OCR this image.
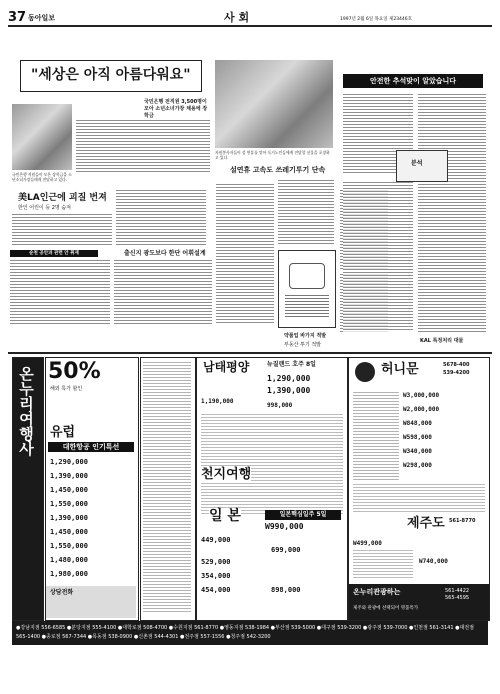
37 동아일보	사 회	1997년 2월 6일 목요일 제23446호
"세상은 아직 아름다워요"
국민은행 전직원 3,500명이 모아 소년소녀가장 채용에 장학금
국민은행 직원들이 모은 장학금을 소년소녀가장들에게 전달하고 있다.
美LA인근에 괴질 번져
한인 어린이 등 2명 숨져
순천 공안과 관련 안 취재	출신지 광도보다 한단 어휘설계
자원봉사자들이 설 연휴를 맞아 독거노인들에게 전달할 선물을 포장하고 있다.
설연휴 고속도 쓰레기투기 단속
약품업 바가지 적발
부동산 투기 적발
안전한 추석맞이 알았습니다
분석
KAL 특정처리 대물
온누리여행사 50%
해외 특가 할인
유럽
대한항공 인기특선
1,290,000
1,390,000
1,450,000
1,550,000
1,390,000
1,450,000
1,550,000
1,480,000
1,980,000
상담전화
남태평양	뉴질랜드 호주 8일
1,290,000
1,390,000
1,190,000
998,000
천지여행
일 본	일본핵심일주 5일
W990,000
449,000
699,000
529,000
354,000
454,000	898,000
허니문	5678-400
539-4200
W3,000,000
W2,000,000
W848,000
W598,000
W340,000
W298,000
제주도 561-8770
W499,000
W740,000
온누리관광하는	561-4422
565-4595
제주와 관광에 선택되어 명품특가
●강남지점 556-6585 ●분당지점 555-4100 ●대학로점 508-4700 ●수원지점 561-8770 ●영동지점 538-1984 ●부산점 539-5000 ●대구점 539-3200 ●광주점 539-7000 ●인천점 561-3141 ●대전점 565-1400 ●종로점 567-7344 ●목동점 538-0900 ●신촌점 544-4301 ●전주점 557-1556 ●청주점 542-3200
